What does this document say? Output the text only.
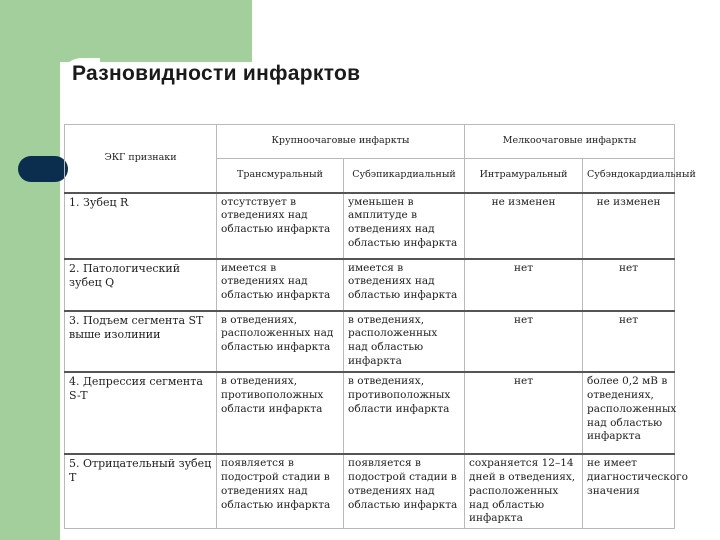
Разновидности инфарктов
ЭКГ признаки	Крупноочаговые инфаркты		Мелкоочаговые инфаркты	
	Трансмуральный	Субэпикардиальный	Интрамуральный	Субэндокардиальный
1. Зубец R	отсутствует в отведениях над областью инфаркта	уменьшен в амплитуде в отведениях над областью инфаркта	не изменен	не изменен
2. Патологический зубец Q	имеется в отведениях над областью инфаркта	имеется в отведениях над областью инфаркта	нет	нет
3. Подъем сегмента ST выше изолинии	в отведениях, расположенных над областью инфаркта	в отведениях, расположенных над областью инфаркта	нет	нет
4. Депрессия сегмента S-T	в отведениях, противоположных области инфаркта	в отведениях, противоположных области инфаркта	нет	более 0,2 мВ в отведениях, расположенных над областью инфаркта
5. Отрицательный зубец Т	появляется в подострой стадии в отведениях над областью инфаркта	появляется в подострой стадии в отведениях над областью инфаркта	сохраняется 12–14 дней в отведениях, расположенных над областью инфаркта	не имеет диагностического значения
